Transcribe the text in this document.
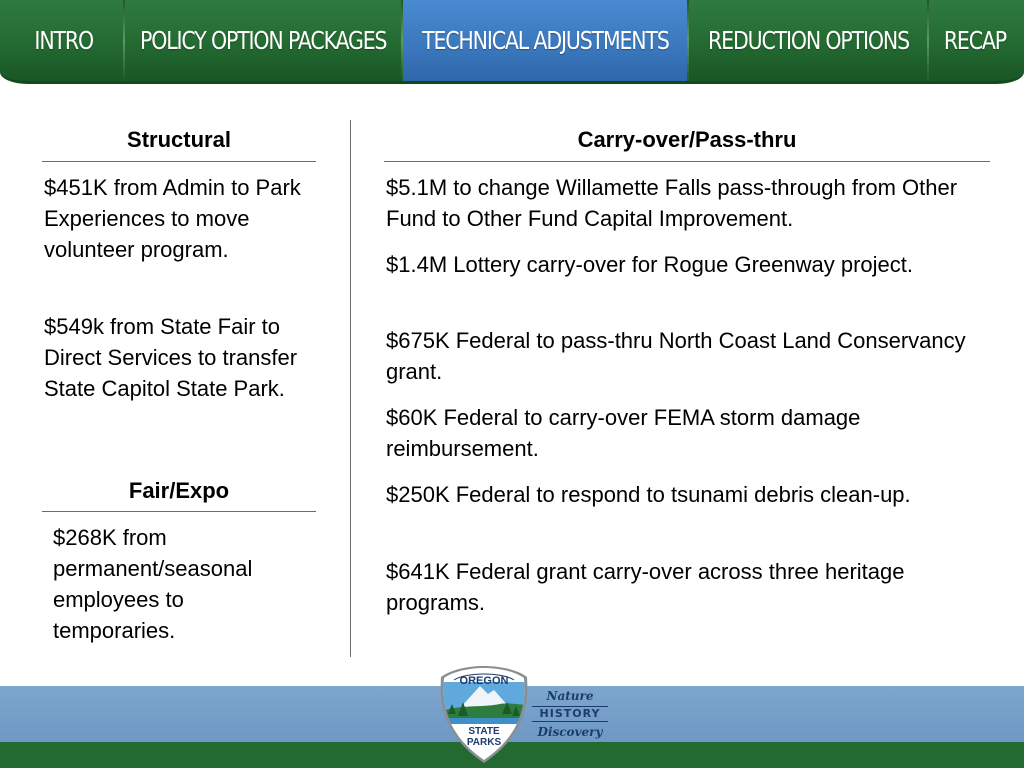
INTRO POLICY OPTION PACKAGES TECHNICAL ADJUSTMENTS REDUCTION OPTIONS RECAP
Structural
$451K from Admin to Park Experiences to move volunteer program.
$549k from State Fair to Direct Services to transfer State Capitol State Park.
Fair/Expo
$268K from permanent/seasonal employees to temporaries.
Carry-over/Pass-thru
$5.1M to change Willamette Falls pass-through from Other Fund to Other Fund Capital Improvement.
$1.4M Lottery carry-over for Rogue Greenway project.
$675K Federal to pass-thru North Coast Land Conservancy grant.
$60K Federal to carry-over FEMA storm damage reimbursement.
$250K Federal to respond to tsunami debris clean-up.
$641K Federal grant carry-over across three heritage programs.
OREGON
STATE
PARKS
Nature
HISTORY
Discovery
